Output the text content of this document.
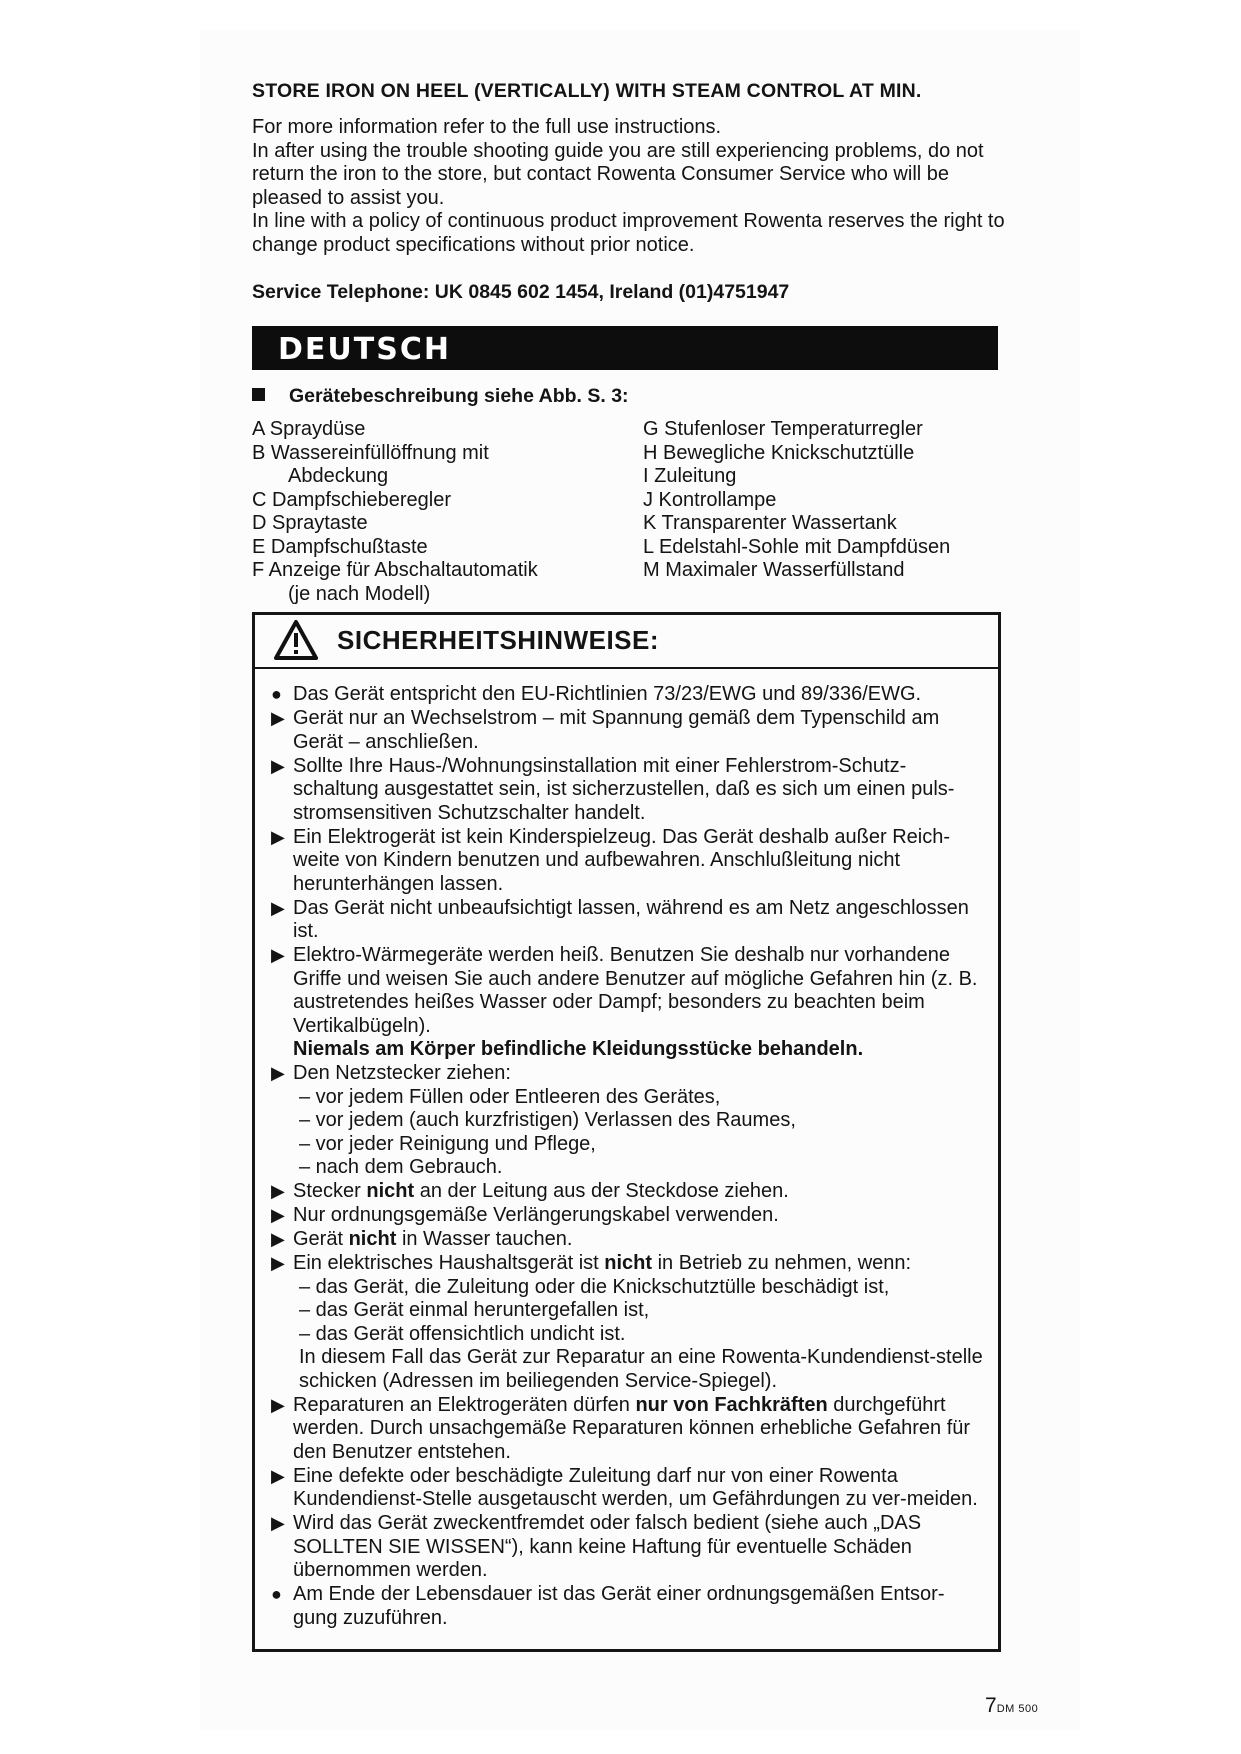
STORE IRON ON HEEL (VERTICALLY) WITH STEAM CONTROL AT MIN.
For more information refer to the full use instructions.
In after using the trouble shooting guide you are still experiencing problems, do not return the iron to the store, but contact Rowenta Consumer Service who will be pleased to assist you.
In line with a policy of continuous product improvement Rowenta reserves the right to change product specifications without prior notice.
Service Telephone: UK 0845 602 1454, Ireland (01)4751947
DEUTSCH
Gerätebeschreibung siehe Abb. S. 3:
A Spraydüse
B Wassereinfüllöffnung mit
Abdeckung
C Dampfschieberegler
D Spraytaste
E Dampfschußtaste
F Anzeige für Abschaltautomatik
(je nach Modell)
G Stufenloser Temperaturregler
H Bewegliche Knickschutztülle
I Zuleitung
J Kontrollampe
K Transparenter Wassertank
L Edelstahl-Sohle mit Dampfdüsen
M Maximaler Wasserfüllstand
SICHERHEITSHINWEISE:
● Das Gerät entspricht den EU-Richtlinien 73/23/EWG und 89/336/EWG.
▶ Gerät nur an Wechselstrom – mit Spannung gemäß dem Typenschild am Gerät – anschließen.
▶ Sollte Ihre Haus-/Wohnungsinstallation mit einer Fehlerstrom-Schutz-schaltung ausgestattet sein, ist sicherzustellen, daß es sich um einen puls-stromsensitiven Schutzschalter handelt.
▶ Ein Elektrogerät ist kein Kinderspielzeug. Das Gerät deshalb außer Reich-weite von Kindern benutzen und aufbewahren. Anschlußleitung nicht herunterhängen lassen.
▶ Das Gerät nicht unbeaufsichtigt lassen, während es am Netz angeschlossen ist.
▶ Elektro-Wärmegeräte werden heiß. Benutzen Sie deshalb nur vorhandene Griffe und weisen Sie auch andere Benutzer auf mögliche Gefahren hin (z. B. austretendes heißes Wasser oder Dampf; besonders zu beachten beim Vertikalbügeln).
Niemals am Körper befindliche Kleidungsstücke behandeln.
▶ Den Netzstecker ziehen:
– vor jedem Füllen oder Entleeren des Gerätes,
– vor jedem (auch kurzfristigen) Verlassen des Raumes,
– vor jeder Reinigung und Pflege,
– nach dem Gebrauch.
▶ Stecker nicht an der Leitung aus der Steckdose ziehen.
▶ Nur ordnungsgemäße Verlängerungskabel verwenden.
▶ Gerät nicht in Wasser tauchen.
▶ Ein elektrisches Haushaltsgerät ist nicht in Betrieb zu nehmen, wenn:
– das Gerät, die Zuleitung oder die Knickschutztülle beschädigt ist,
– das Gerät einmal heruntergefallen ist,
– das Gerät offensichtlich undicht ist.
In diesem Fall das Gerät zur Reparatur an eine Rowenta-Kundendienst-stelle schicken (Adressen im beiliegenden Service-Spiegel).
▶ Reparaturen an Elektrogeräten dürfen nur von Fachkräften durchgeführt werden. Durch unsachgemäße Reparaturen können erhebliche Gefahren für den Benutzer entstehen.
▶ Eine defekte oder beschädigte Zuleitung darf nur von einer Rowenta Kundendienst-Stelle ausgetauscht werden, um Gefährdungen zu ver-meiden.
▶ Wird das Gerät zweckentfremdet oder falsch bedient (siehe auch „DAS SOLLTEN SIE WISSEN“), kann keine Haftung für eventuelle Schäden übernommen werden.
● Am Ende der Lebensdauer ist das Gerät einer ordnungsgemäßen Entsor-gung zuzuführen.
7DM 500
